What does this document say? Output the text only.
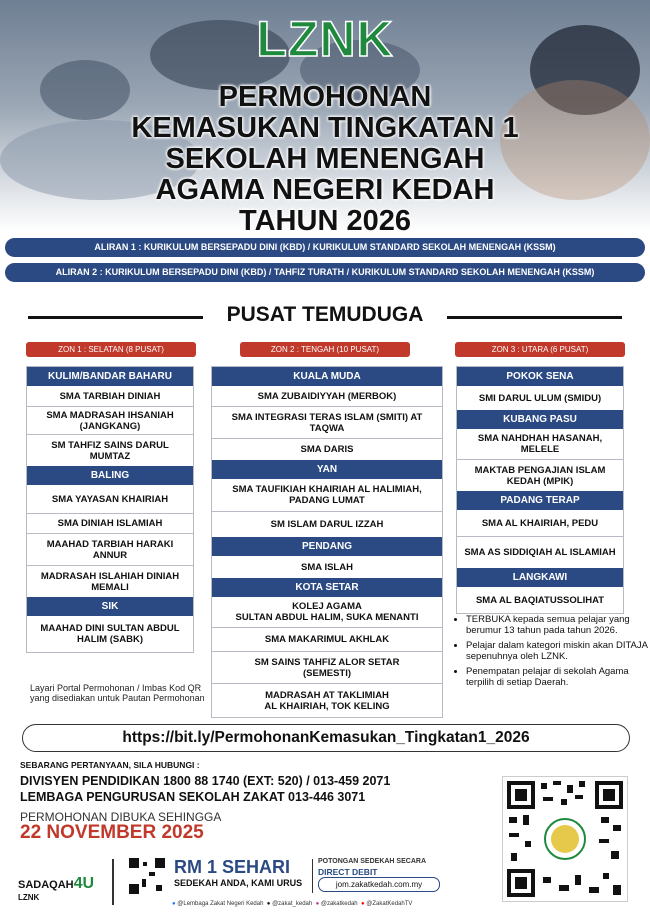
LZNK
PERMOHONAN
KEMASUKAN TINGKATAN 1
SEKOLAH MENENGAH
AGAMA NEGERI KEDAH
TAHUN 2026
ALIRAN 1 : KURIKULUM BERSEPADU DINI (KBD) / KURIKULUM STANDARD SEKOLAH MENENGAH (KSSM)
ALIRAN 2 : KURIKULUM BERSEPADU DINI (KBD) / TAHFIZ TURATH / KURIKULUM STANDARD SEKOLAH MENENGAH (KSSM)
PUSAT TEMUDUGA
ZON 1 : SELATAN (8 PUSAT)	ZON 2 : TENGAH (10 PUSAT)	ZON 3 : UTARA (6 PUSAT)
KULIM/BANDAR BAHARU
SMA TARBIAH DINIAH
SMA MADRASAH IHSANIAH (JANGKANG)
SM TAHFIZ SAINS DARUL MUMTAZ
BALING
SMA YAYASAN KHAIRIAH
SMA DINIAH ISLAMIAH
MAAHAD TARBIAH HARAKI ANNUR
MADRASAH ISLAHIAH DINIAH MEMALI
SIK
MAAHAD DINI SULTAN ABDUL HALIM (SABK)
KUALA MUDA
SMA ZUBAIDIYYAH (MERBOK)
SMA INTEGRASI TERAS ISLAM (SMITI) AT TAQWA
SMA DARIS
YAN
SMA TAUFIKIAH KHAIRIAH AL HALIMIAH, PADANG LUMAT
SM ISLAM DARUL IZZAH
PENDANG
SMA ISLAH
KOTA SETAR
KOLEJ AGAMA
SULTAN ABDUL HALIM, SUKA MENANTI
SMA MAKARIMUL AKHLAK
SM SAINS TAHFIZ ALOR SETAR
(SEMESTI)
MADRASAH AT TAKLIMIAH
AL KHAIRIAH, TOK KELING
POKOK SENA
SMI DARUL ULUM (SMIDU)
KUBANG PASU
SMA NAHDHAH HASANAH, MELELE
MAKTAB PENGAJIAN ISLAM KEDAH (MPIK)
PADANG TERAP
SMA AL KHAIRIAH, PEDU
SMA AS SIDDIQIAH AL ISLAMIAH
LANGKAWI
SMA AL BAQIATUSSOLIHAT
• TERBUKA kepada semua pelajar yang berumur 13 tahun pada tahun 2026.
• Pelajar dalam kategori miskin akan DITAJA sepenuhnya oleh LZNK.
• Penempatan pelajar di sekolah Agama terpilih di setiap Daerah.
Layari Portal Permohonan / Imbas Kod QR yang disediakan untuk Pautan Permohonan
https://bit.ly/PermohonanKemasukan_Tingkatan1_2026
SEBARANG PERTANYAAN, SILA HUBUNGI :
DIVISYEN PENDIDIKAN 1800 88 1740 (EXT: 520) / 013-459 2071
LEMBAGA PENGURUSAN SEKOLAH ZAKAT 013-446 3071
PERMOHONAN DIBUKA SEHINGGA
22 NOVEMBER 2025
SADAQAH4U
LZNK
RM 1 SEHARI
SEDEKAH ANDA, KAMI URUS
POTONGAN SEDEKAH SECARA
DIRECT DEBIT
jom.zakatkedah.com.my
● @Lembaga Zakat Negeri Kedah ● @zakat_kedah ● @zakatkedah ● @ZakatKedahTV
